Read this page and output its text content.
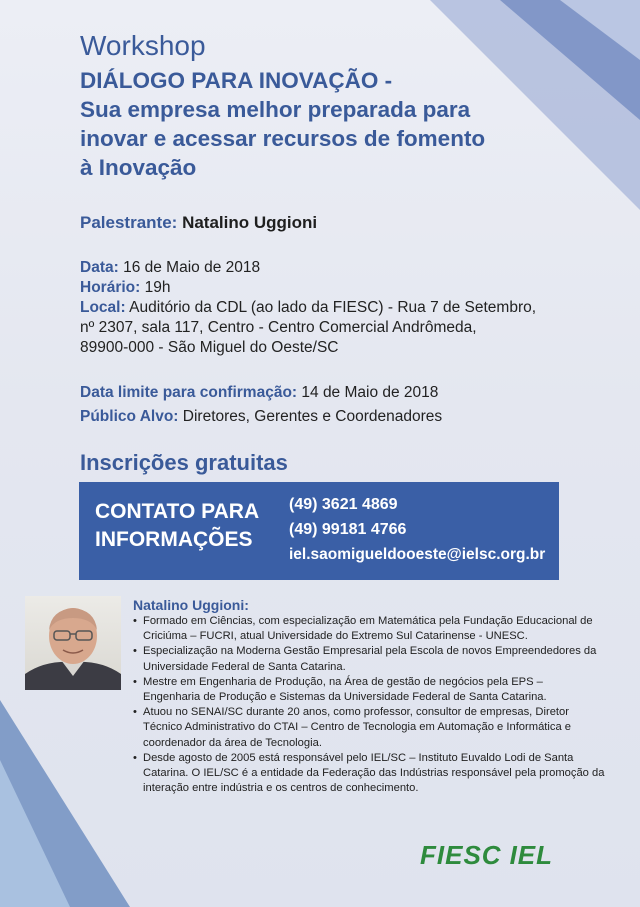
Workshop
DIÁLOGO PARA INOVAÇÃO -
Sua empresa melhor preparada para
inovar e acessar recursos de fomento
à Inovação
Palestrante: Natalino Uggioni
Data: 16 de Maio de 2018
Horário: 19h
Local: Auditório da CDL (ao lado da FIESC) - Rua 7 de Setembro,
nº 2307, sala 117, Centro - Centro Comercial Andrômeda,
89900-000 - São Miguel do Oeste/SC
Data limite para confirmação: 14 de Maio de 2018
Público Alvo: Diretores, Gerentes e Coordenadores
Inscrições gratuitas
CONTATO PARA
INFORMAÇÕES
(49) 3621 4869
(49) 99181 4766
iel.saomigueldooeste@ielsc.org.br
Natalino Uggioni:
• Formado em Ciências, com especialização em Matemática pela Fundação Educacional de
Criciúma – FUCRI, atual Universidade do Extremo Sul Catarinense - UNESC.
• Especialização na Moderna Gestão Empresarial pela Escola de novos Empreendedores da
Universidade Federal de Santa Catarina.
• Mestre em Engenharia de Produção, na Área de gestão de negócios pela EPS –
Engenharia de Produção e Sistemas da Universidade Federal de Santa Catarina.
• Atuou no SENAI/SC durante 20 anos, como professor, consultor de empresas, Diretor
Técnico Administrativo do CTAI – Centro de Tecnologia em Automação e Informática e
coordenador da área de Tecnologia.
• Desde agosto de 2005 está responsável pelo IEL/SC – Instituto Euvaldo Lodi de Santa
Catarina. O IEL/SC é a entidade da Federação das Indústrias responsável pela promoção da
interação entre indústria e os centros de conhecimento.
FIESC IEL
